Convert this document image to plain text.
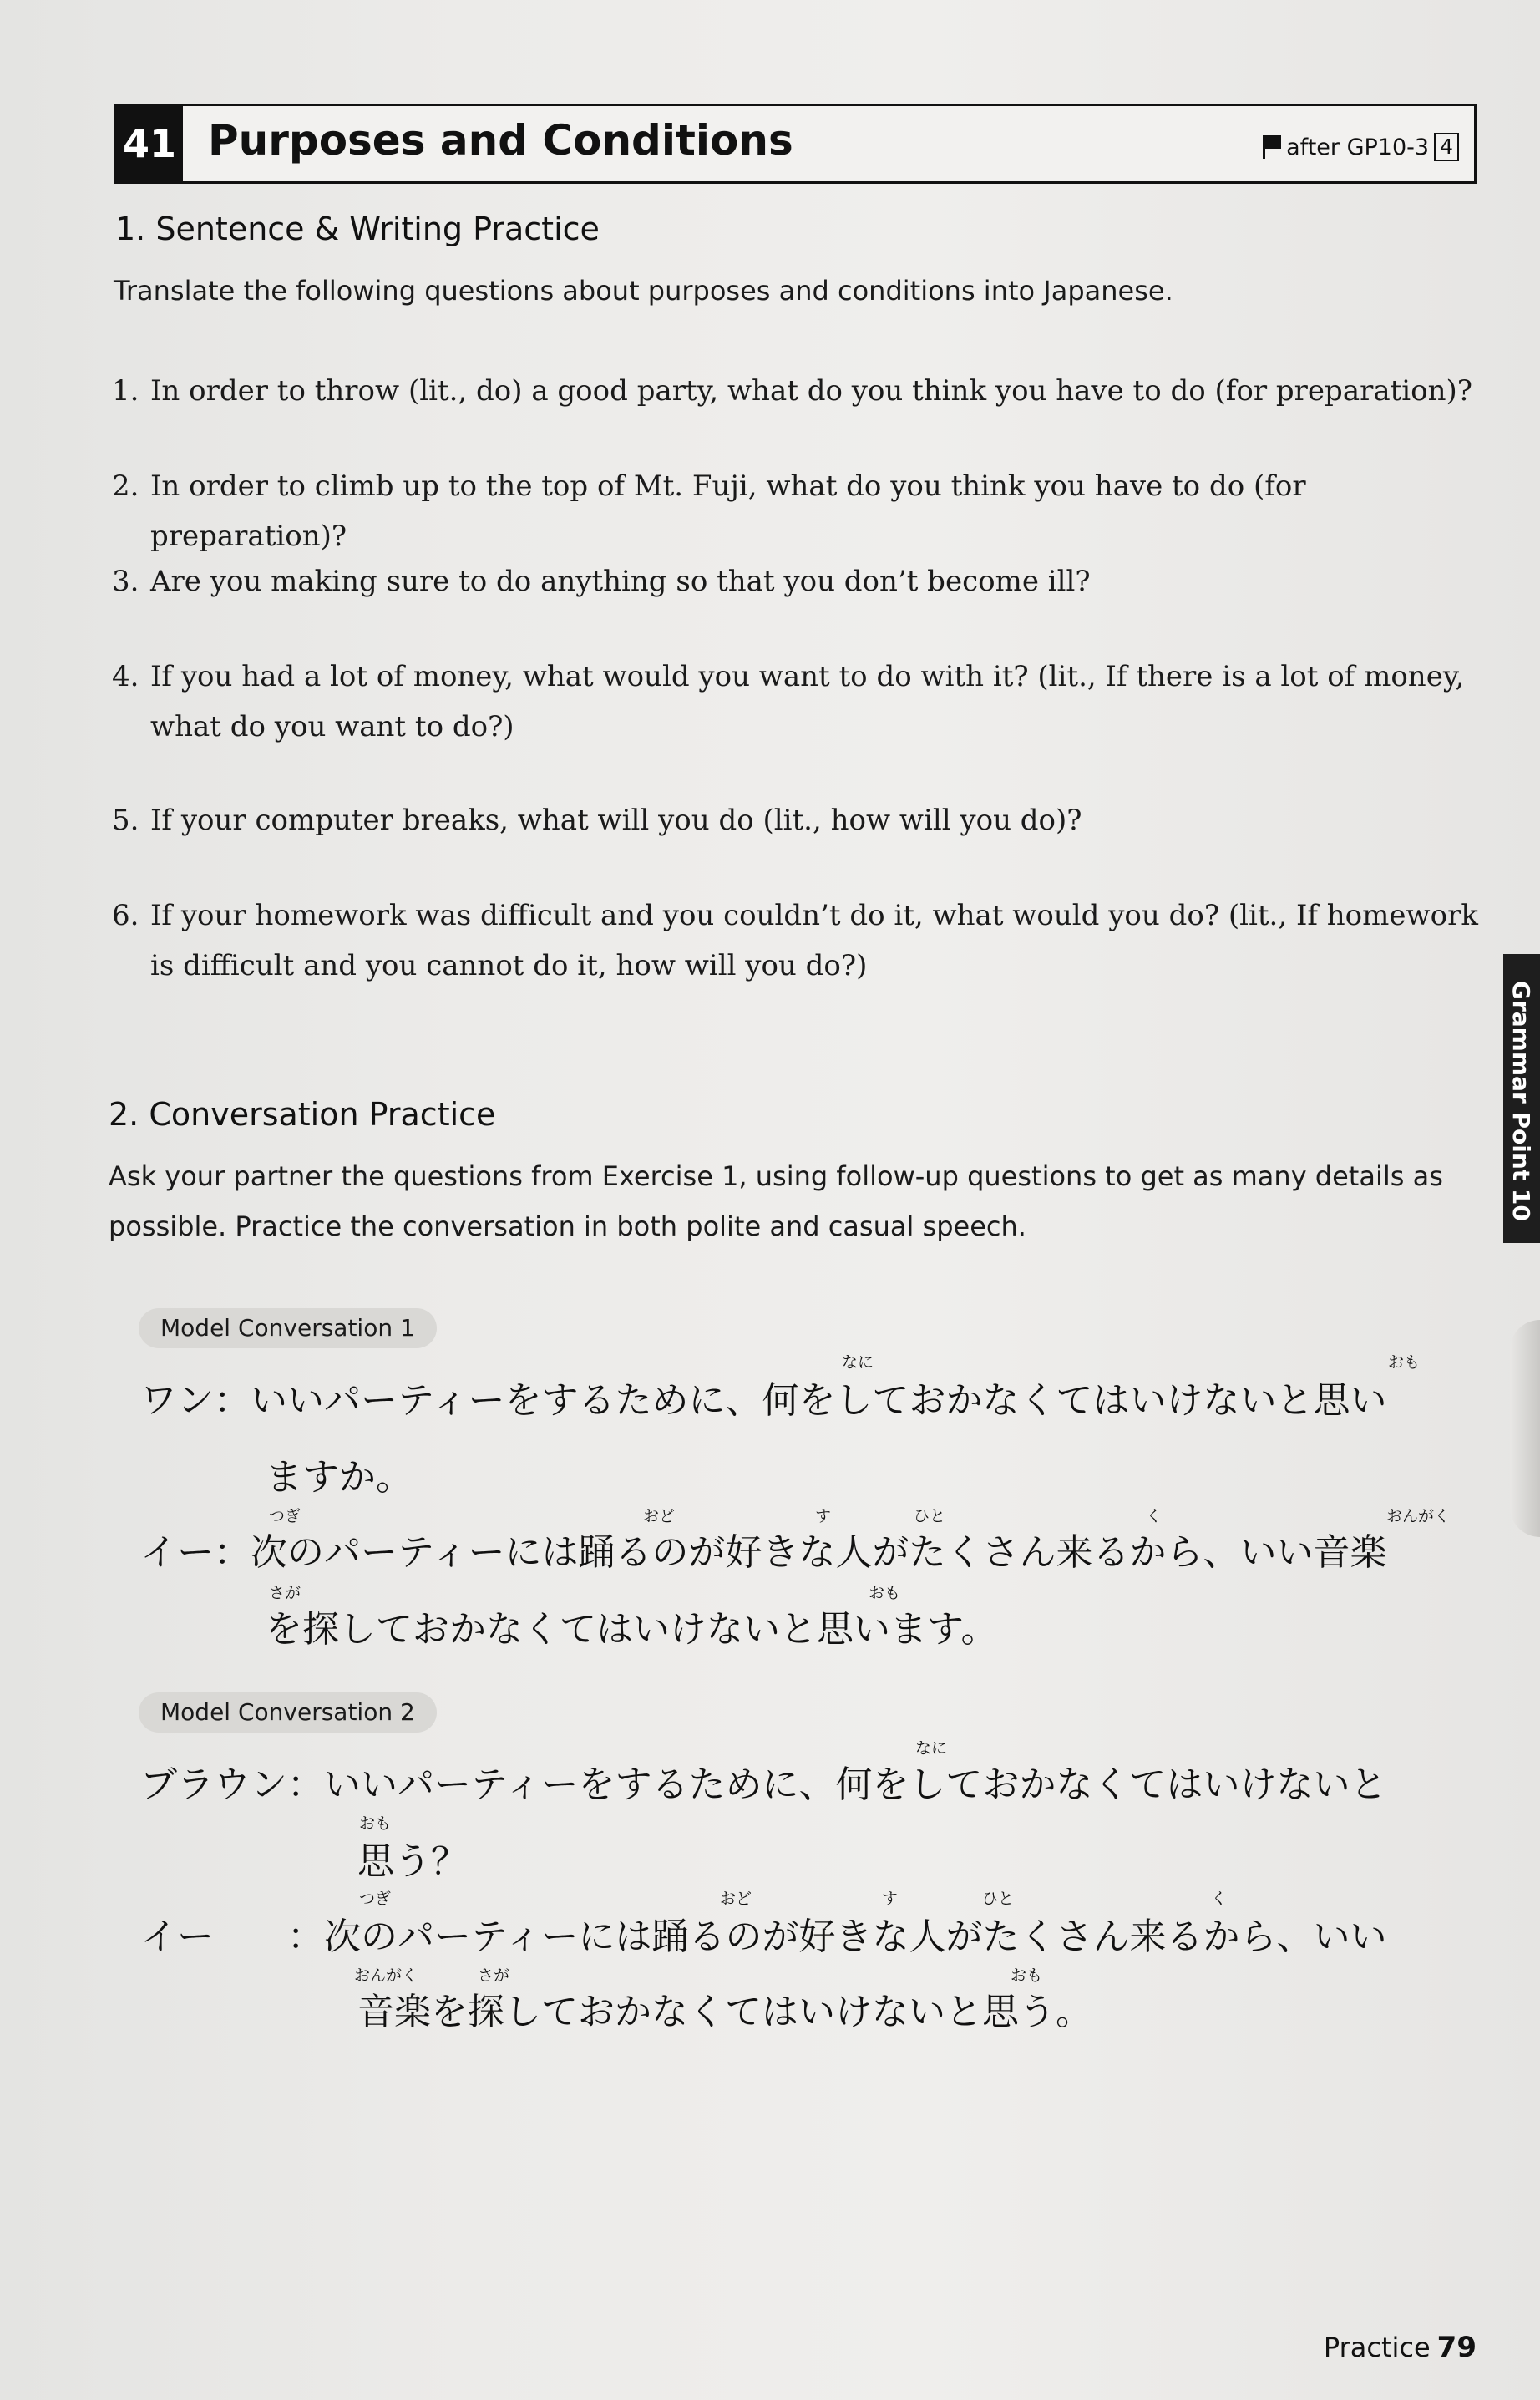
41 Purposes and Conditions	after GP10-3 4
1. Sentence & Writing Practice
Translate the following questions about purposes and conditions into Japanese.
1. In order to throw (lit., do) a good party, what do you think you have to do (for preparation)?
2. In order to climb up to the top of Mt. Fuji, what do you think you have to do (for preparation)?
3. Are you making sure to do anything so that you don’t become ill?
4. If you had a lot of money, what would you want to do with it? (lit., If there is a lot of money, what do you want to do?)
5. If your computer breaks, what will you do (lit., how will you do)?
6. If your homework was difficult and you couldn’t do it, what would you do? (lit., If homework is difficult and you cannot do it, how will you do?)
2. Conversation Practice
Ask your partner the questions from Exercise 1, using follow-up questions to get as many details as
possible. Practice the conversation in both polite and casual speech.
Model Conversation 1
なに	おも
ワン：いいパーティーをするために、何をしておかなくてはいけないと思い
ますか。
つぎ	おど	す	ひと	く	おんがく
イー：次のパーティーには踊るのが好きな人がたくさん来るから、いい音楽
さが	おも
を探しておかなくてはいけないと思います。
Model Conversation 2
なに
ブラウン：いいパーティーをするために、何をしておかなくてはいけないと
おも
思う？
つぎ	おど	す	ひと	く
イー　　：次のパーティーには踊るのが好きな人がたくさん来るから、いい
おんがく	さが	おも
音楽を探しておかなくてはいけないと思う。
Grammar Point 10
Practice 79
